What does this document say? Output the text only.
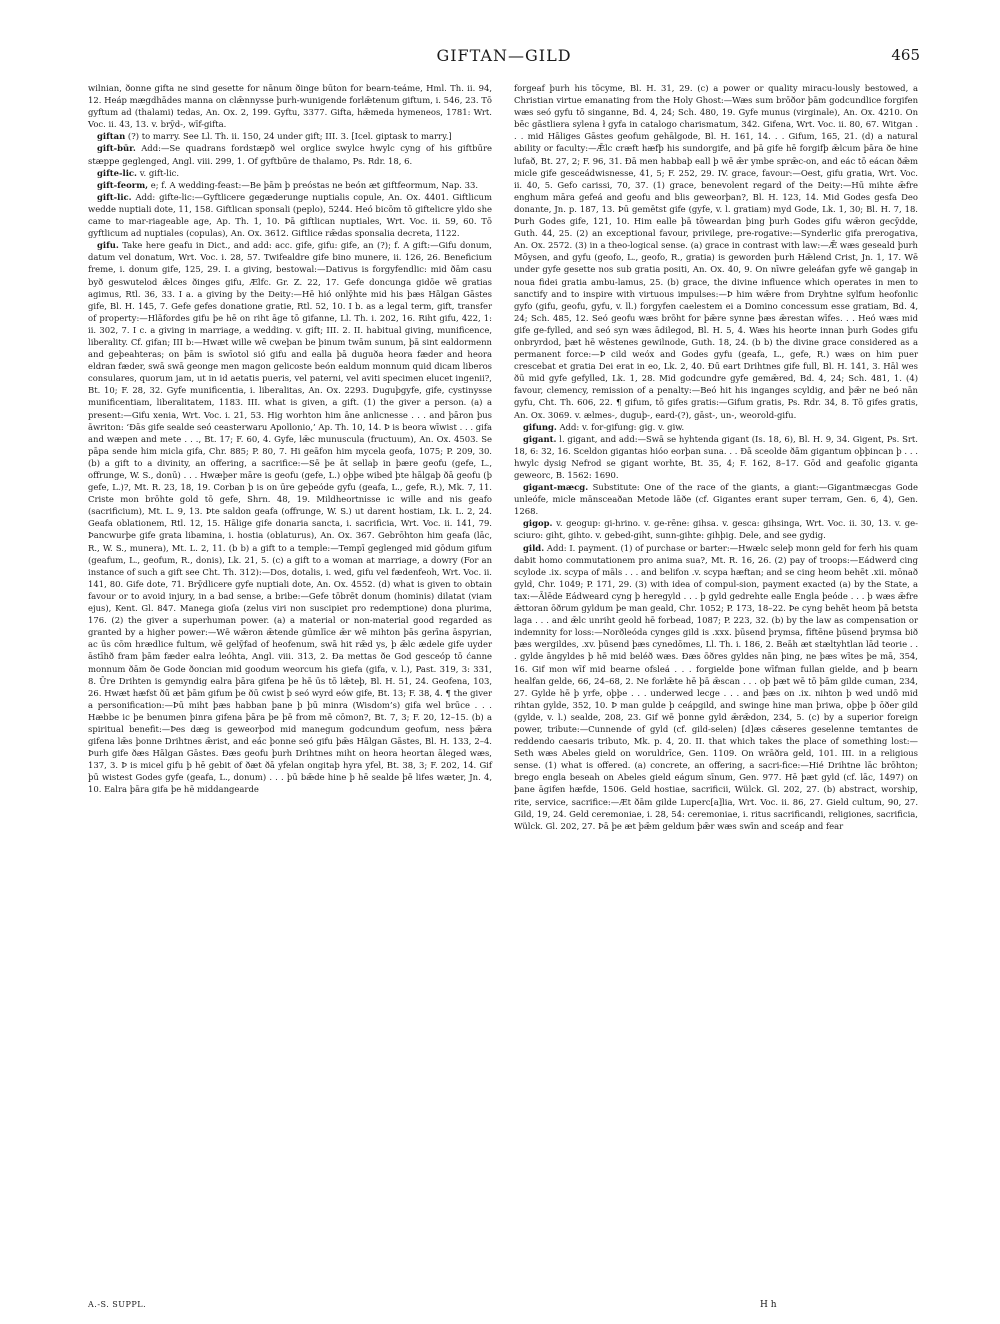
GIFTAN—GILD	465

wilnian, ðonne gifta ne sind gesette for nānum ðinge būton for bearn-teáme, Hml. Th. ii. 94, 12. Heáp mægdhādes manna on clǣnnysse þurh-wunigende forlǣtenum giftum, i. 546, 23. Tō gyftum ad (thalami) tedas, An. Ox. 2, 199. Gyftu, 3377. Gifta, hǣmeda hymeneos, 1781: Wrt. Voc. ii. 43, 13. v. brȳd-, wīf-gifta.

giftan (?) to marry. See Ll. Th. ii. 150, 24 under gift; III. 3. [Icel. giptask to marry.]

gift-būr. Add:—Se quadrans fordstæpð wel orglice swylce hwylc cyng of his giftbūre stæppe geglenged, Angl. viii. 299, 1. Of gyftbūre de thalamo, Ps. Rdr. 18, 6.

gifte-lic. v. gift-lic.

gift-feorm, e; f. A wedding-feast:—Be þām þ preóstas ne beón æt giftfeormum, Nap. 33.

gift-lic. Add: gifte-lic:—Gyftlicere gegæderunge nuptialis copule, An. Ox. 4401. Giftlicum wedde nuptiali dote, 11, 158. Giftlican sponsali (peplo), 5244. Heó bicōm tō giftelicre yldo she came to mar-riageable age, Ap. Th. 1, 10. Þā giftlican nuptiales, Wrt. Voc. ii. 59, 60. Tō gyftlicum ad nuptiales (copulas), An. Ox. 3612. Giftlice rǣdas sponsalia decreta, 1122.

gifu. Take here geafu in Dict., and add: acc. gife, gifu: gife, an (?); f. A gift:—Gifu donum, datum vel donatum, Wrt. Voc. i. 28, 57. Twifealdre gife bino munere, ii. 126, 26. Beneficium freme, i. donum gife, 125, 29. I. a giving, bestowal:—Dativus is forgyfendlic: mid ðām casu byð geswutelod ǣlces ðinges gifu, Ælfc. Gr. Z. 22, 17. Gefe doncunga gidōe wē gratias agimus, Rtl. 36, 33. I a. a giving by the Deity:—Hē hió onlȳhte mid his þæs Hālgan Gāstes gife, Bl. H. 145, 7. Gefe gefes donatione gratie, Rtl. 52, 10. I b. as a legal term, gift, transfer of property:—Hlāfordes gifu þe hē on riht āge tō gifanne, Ll. Th. i. 202, 16. Riht gifu, 422, 1: ii. 302, 7. I c. a giving in marriage, a wedding. v. gift; III. 2. II. habitual giving, munificence, liberality. Cf. gifan; III b:—Hwæt wille wē cweþan be þinum twām sunum, þā sint ealdormenn and geþeahteras; on þām is swīotol sió gifu and ealla þā duguða heora fæder and heora eldran fæder, swā swā geonge men magon gelicoste beón ealdum monnum quid dicam liberos consulares, quorum jam, ut in id aetatis pueris, vel paterni, vel aviti specimen elucet ingenii?, Bt. 10; F. 28, 32. Gyfe munificentia, i. liberalitas, An. Ox. 2293. Duguþgyfe, gife, cystinysse munificentiam, liberalitatem, 1183. III. what is given, a gift. (1) the giver a person. (a) a present:—Gifu xenia, Wrt. Voc. i. 21, 53. Hig worhton him āne anlicnesse . . . and þāron þus āwriton: ‘Ðās gife sealde seó ceasterwaru Apollonio,’ Ap. Th. 10, 14. Þ is beora wīwist . . . gifa and wæpen and mete . . ., Bt. 17; F. 60, 4. Gyfe, lǣc munuscula (fructuum), An. Ox. 4503. Se pāpa sende him micla gifa, Chr. 885; P. 80, 7. Hi geāfon him mycela geofa, 1075; P. 209, 30. (b) a gift to a divinity, an offering, a sacrifice:—Sē þe āt sellaþ in þære geofu (gefe, L., offrunge, W. S., donū) . . . Hwæþer māre is geofu (gefe, L.) oþþe wibed þte hālgaþ ðā geofu (þ gefe, L.)?, Mt. R. 23, 18, 19. Corban þ is on ūre geþeóde gyfu (geafa, L., gefe, R.), Mk. 7, 11. Criste mon brōhte gold tō gefe, Shrn. 48, 19. Mildheortnisse ic wille and nis geafo (sacrificium), Mt. L. 9, 13. Þte saldon geafa (offrunge, W. S.) ut darent hostiam, Lk. L. 2, 24. Geafa oblationem, Rtl. 12, 15. Hālige gife donaria sancta, i. sacrificia, Wrt. Voc. ii. 141, 79. Þancwurþe gife grata libamina, i. hostia (oblaturus), An. Ox. 367. Gebrōhton him geafa (lāc, R., W. S., munera), Mt. L. 2, 11. (b b) a gift to a temple:—Tempī geglenged mid gōdum gifum (geafum, L., geofum, R., donis), Lk. 21, 5. (c) a gift to a woman at marriage, a dowry (For an instance of such a gift see Cht. Th. 312):—Dos, dotalis, i. wed, gifu vel fædenfeoh, Wrt. Voc. ii. 141, 80. Gife dote, 71. Brȳdlicere gyfe nuptiali dote, An. Ox. 4552. (d) what is given to obtain favour or to avoid injury, in a bad sense, a bribe:—Gefe tōbrēt donum (hominis) dilatat (viam ejus), Kent. Gl. 847. Manega gioſa (zelus viri non suscipiet pro redemptione) dona plurima, 176. (2) the giver a superhuman power. (a) a material or non-material good regarded as granted by a higher power:—Wē wǣron ǣtende gūmlīce ǣr wē mihton þās gerīna āspyrian, ac ūs cōm hrædlice fultum, wē gelȳfad of heofenum, swā hit rǣd ys, þ ǣlc ædele gife uyder āstīhð fram þām fæder ealra leóhta, Angl. viii. 313, 2. Ða mettas ðe God gesceóp tō ćanne monnum ðām ðe Gode ðoncian mid goodum weorcum his giefa (gifa, v. l.), Past. 319, 3: 331, 8. Ūre Drihten is gemyndig ealra þāra gifena þe hē ūs tō lǣteþ, Bl. H. 51, 24. Geofena, 103, 26. Hwæt hæfst ðū æt þām gifum þe ðū cwist þ seó wyrd eów gife, Bt. 13; F. 38, 4. ¶ the giver a personification:—Þū miht þæs habban þane þ þū minra (Wisdom’s) gifa wel brūce . . . Hæbbe ic þe benumen þinra gifena þāra þe þē from mē cōmon?, Bt. 7, 3; F. 20, 12–15. (b) a spiritual benefit:—Þes dæg is geweorþod mid manegum godcundum geofum, ness þǣra gifena lǣs þonne Drihtnes ǣrist, and eác þonne seó gifu þǣs Hālgan Gāstes, Bl. H. 133, 2–4. Þurh gife ðæs Hālgan Gāstes. Ðæs geofu þurh Drihtnes miht on heora heortan āleged wæs, 137, 3. Þ is micel gifu þ hē gebit of ðæt ðā yfelan ongitaþ hyra yfel, Bt. 38, 3; F. 202, 14. Gif þū wistest Godes gyfe (geafa, L., donum) . . . þū bǣde hine þ hē sealde þē lifes wæter, Jn. 4, 10. Ealra þāra gifa þe hē middangearde

forgeaf þurh his tōcyme, Bl. H. 31, 29. (c) a power or quality miracu-lously bestowed, a Christian virtue emanating from the Holy Ghost:—Wæs sum brōðor þām godcundlice forgifen wæs seó gyfu tō singanne, Bd. 4, 24; Sch. 480, 19. Gyfe munus (virginale), An. Ox. 4210. On bēc gāstliera sylena ł gyfa in catalogo charismatum, 342. Gifena, Wrt. Voc. ii. 80, 67. Witgan . . . mid Hāliges Gāstes geofum gehālgode, Bl. H. 161, 14. . . Gifum, 165, 21. (d) a natural ability or faculty:—Ǣlc cræft hæfþ his sundorgife, and þā gife hē forgifþ ǣlcum þāra ðe hine lufað, Bt. 27, 2; F. 96, 31. Ðā men habbaþ eall þ wē ǣr ymbe sprǣc-on, and eác tō eácan ðǣm micle gife gesceádwisnesse, 41, 5; F. 252, 29. IV. grace, favour:—Oest, gifu gratia, Wrt. Voc. ii. 40, 5. Gefo carissi, 70, 37. (1) grace, benevolent regard of the Deity:—Hū mihte ǣfre enghum māra gefeá and geofu and blis geweorþan?, Bl. H. 123, 14. Mid Godes gesfa Deo donante, Jn. p. 187, 13. Þū gemētst gife (gyfe, v. l. gratiam) myd Gode, Lk. 1, 30; Bl. H. 7, 18. Þurh Godes gife, 121, 10. Him ealle þā tōweardan þing þurh Godes gifu wǣron gecȳdde, Guth. 44, 25. (2) an exceptional favour, privilege, pre-rogative:—Synderlic gifa prerogativa, An. Ox. 2572. (3) in a theo-logical sense. (a) grace in contrast with law:—Ǣ wæs geseald þurh Mōysen, and gyfu (geofo, L., geofo, R., gratia) is geworden þurh Hǣlend Crist, Jn. 1, 17. Wē under gyfe gesette nos sub gratia positi, An. Ox. 40, 9. On nīwre geleáfan gyfe wē gangaþ in noua fidei gratia ambu-lamus, 25. (b) grace, the divine influence which operates in men to sanctify and to inspire with virtuous impulses:—Þ him wǣre from Dryhtne sylfum heofonlic gyfo (gifu, geofu, gyfu, v. ll.) forgyfen caelestem ei a Domino concessum esse gratiam, Bd. 4, 24; Sch. 485, 12. Seó geofu wæs brōht for þǣre synne þæs ǣrestan wīfes. . . Heó wæs mid gife ge-fylled, and seó syn wæs ādilegod, Bl. H. 5, 4. Wæs his heorte innan þurh Godes gifu onbryrdod, þæt hē wēstenes gewilnode, Guth. 18, 24. (b b) the divine grace considered as a permanent force:—Þ cild weóx and Godes gyfu (geafa, L., gefe, R.) wæs on him puer crescebat et gratia Dei erat in eo, Lk. 2, 40. Ðū eart Drihtnes gife full, Bl. H. 141, 3. Hāl wes ðū mid gyfe gefylled, Lk. 1, 28. Mid godcundre gyfe gemǣred, Bd. 4, 24; Sch. 481, 1. (4) favour, clemency, remission of a penalty:—Beó hit his ingangеs scyldig, and þǣr ne beó nān gyfu, Cht. Th. 606, 22. ¶ gifum, tō gifes gratis:—Gifum gratis, Ps. Rdr. 34, 8. Tō gifes gratis, An. Ox. 3069. v. ælmes-, duguþ-, eard-(?), gāst-, un-, weorold-gifu.

gifung. Add: v. for-gifung: gig. v. giw.

gigant. l. gigant, and add:—Swā se hyhtenda gigant (Is. 18, 6), Bl. H. 9, 34. Gigent, Ps. Srt. 18, 6: 32, 16. Sceldon gigantas hióo eorþan suna. . . Ðā sceolde ðām gigantum oþþincan þ . . . hwylc dysig Nefrod se gigant worhte, Bt. 35, 4; F. 162, 8–17. Gōd and geafolic giganta geweorc, B. 1562: 1690.

gigant-mæcg. Substitute: One of the race of the giants, a giant:—Gigantmæcgas Gode unleófe, micle mānsceaðan Metode lāðe (cf. Gigantes erant super terram, Gen. 6, 4), Gen. 1268.

gigop. v. geogup: gi-hrino. v. ge-rēne: gihsa. v. gesca: gihsinga, Wrt. Voc. ii. 30, 13. v. ge-sciuro: giht, gihto. v. gebed-giht, sunn-gihte: gihþig. Dele, and see gydig.

gild. Add: I. payment. (1) of purchase or barter:—Hwælc seleþ monn geld for ferh his quam dabit homo commutationem pro anima sua?, Mt. R. 16, 26. (2) pay of troops:—Eádwerd cing scylode .ix. scypa of māls . . . and belifon .v. scypa hæftan; and se cing heom behēt .xii. mōnað gyld, Chr. 1049; P. 171, 29. (3) with idea of compul-sion, payment exacted (a) by the State, a tax:—Ālēde Eádweard cyng þ heregyld . . . þ gyld gedrehte ealle Engla þeóde . . . þ wæs ǣfre ǣttoran ōðrum gyldum þe man geald, Chr. 1052; P. 173, 18–22. Þe cyng behēt heom þā betsta laga . . . and ǣlc unriht geold hē forbead, 1087; P. 223, 32. (b) by the law as compensation or indemnity for loss:—Norðleóda cynges gild is .xxx. þūsend þrymsa, fīftēne þūsend þrymsa bið þæs wergildes, .xv. þūsend þæs cynedōmes, Ll. Th. i. 186, 2. Beāh æt stæltyhtlan lād teorie . . . gylde āngyldes þ hē mid beléð wæs. Ðæs ōðres gyldes nān þing, ne þæs wītes þe mā, 354, 16. Gif mon wīf mid bearne ofsleá . . . forgielde þone wīfman fullan gielde, and þ bearn healfan gelde, 66, 24–68, 2. Ne forlǣte hē þā ǣscan . . . oþ þæt wē tō þām gilde cuman, 234, 27. Gylde hē þ yrfe, oþþe . . . underwed lecge . . . and þæs on .ix. nihton þ wed undō mid rihtan gylde, 352, 10. Þ man gulde þ ceápgild, and swinge hine man þriwa, oþþe þ ōðer gild (gylde, v. l.) sealde, 208, 23. Gif wē þonne gyld ǣrǣdon, 234, 5. (c) by a superior foreign power, tribute:—Cunnende of gyld (cf. gild-selen) [d]æs cǣseres geselenne temtantes de reddendo caesaris tributo, Mk. p. 4, 20. II. that which takes the place of something lost:—Seth wæs Abeles gield on woruldrīce, Gen. 1109. On wrāðra geld, 101. III. in a religious sense. (1) what is offered. (a) concrete, an offering, a sacri-fice:—Hié Drihtne lāc brōhton; brego engla beseah on Abeles gield eágum sīnum, Gen. 977. Hē þæt gyld (cf. lāc, 1497) on þane āgifen hæfde, 1506. Geld hostiae, sacrificii, Wülck. Gl. 202, 27. (b) abstract, worship, rite, service, sacrifice:—Æt ðām gilde Luperc[a]lia, Wrt. Voc. ii. 86, 27. Gield cultum, 90, 27. Gild, 19, 24. Geld ceremoniae, i. 28, 54: ceremoniae, i. ritus sacrificandi, religiones, sacrificia, Wülck. Gl. 202, 27. Þā þe æt þǣm geldum þǣr wæs swīn and sceáp and fear

A.-S. SUPPL.	H h
